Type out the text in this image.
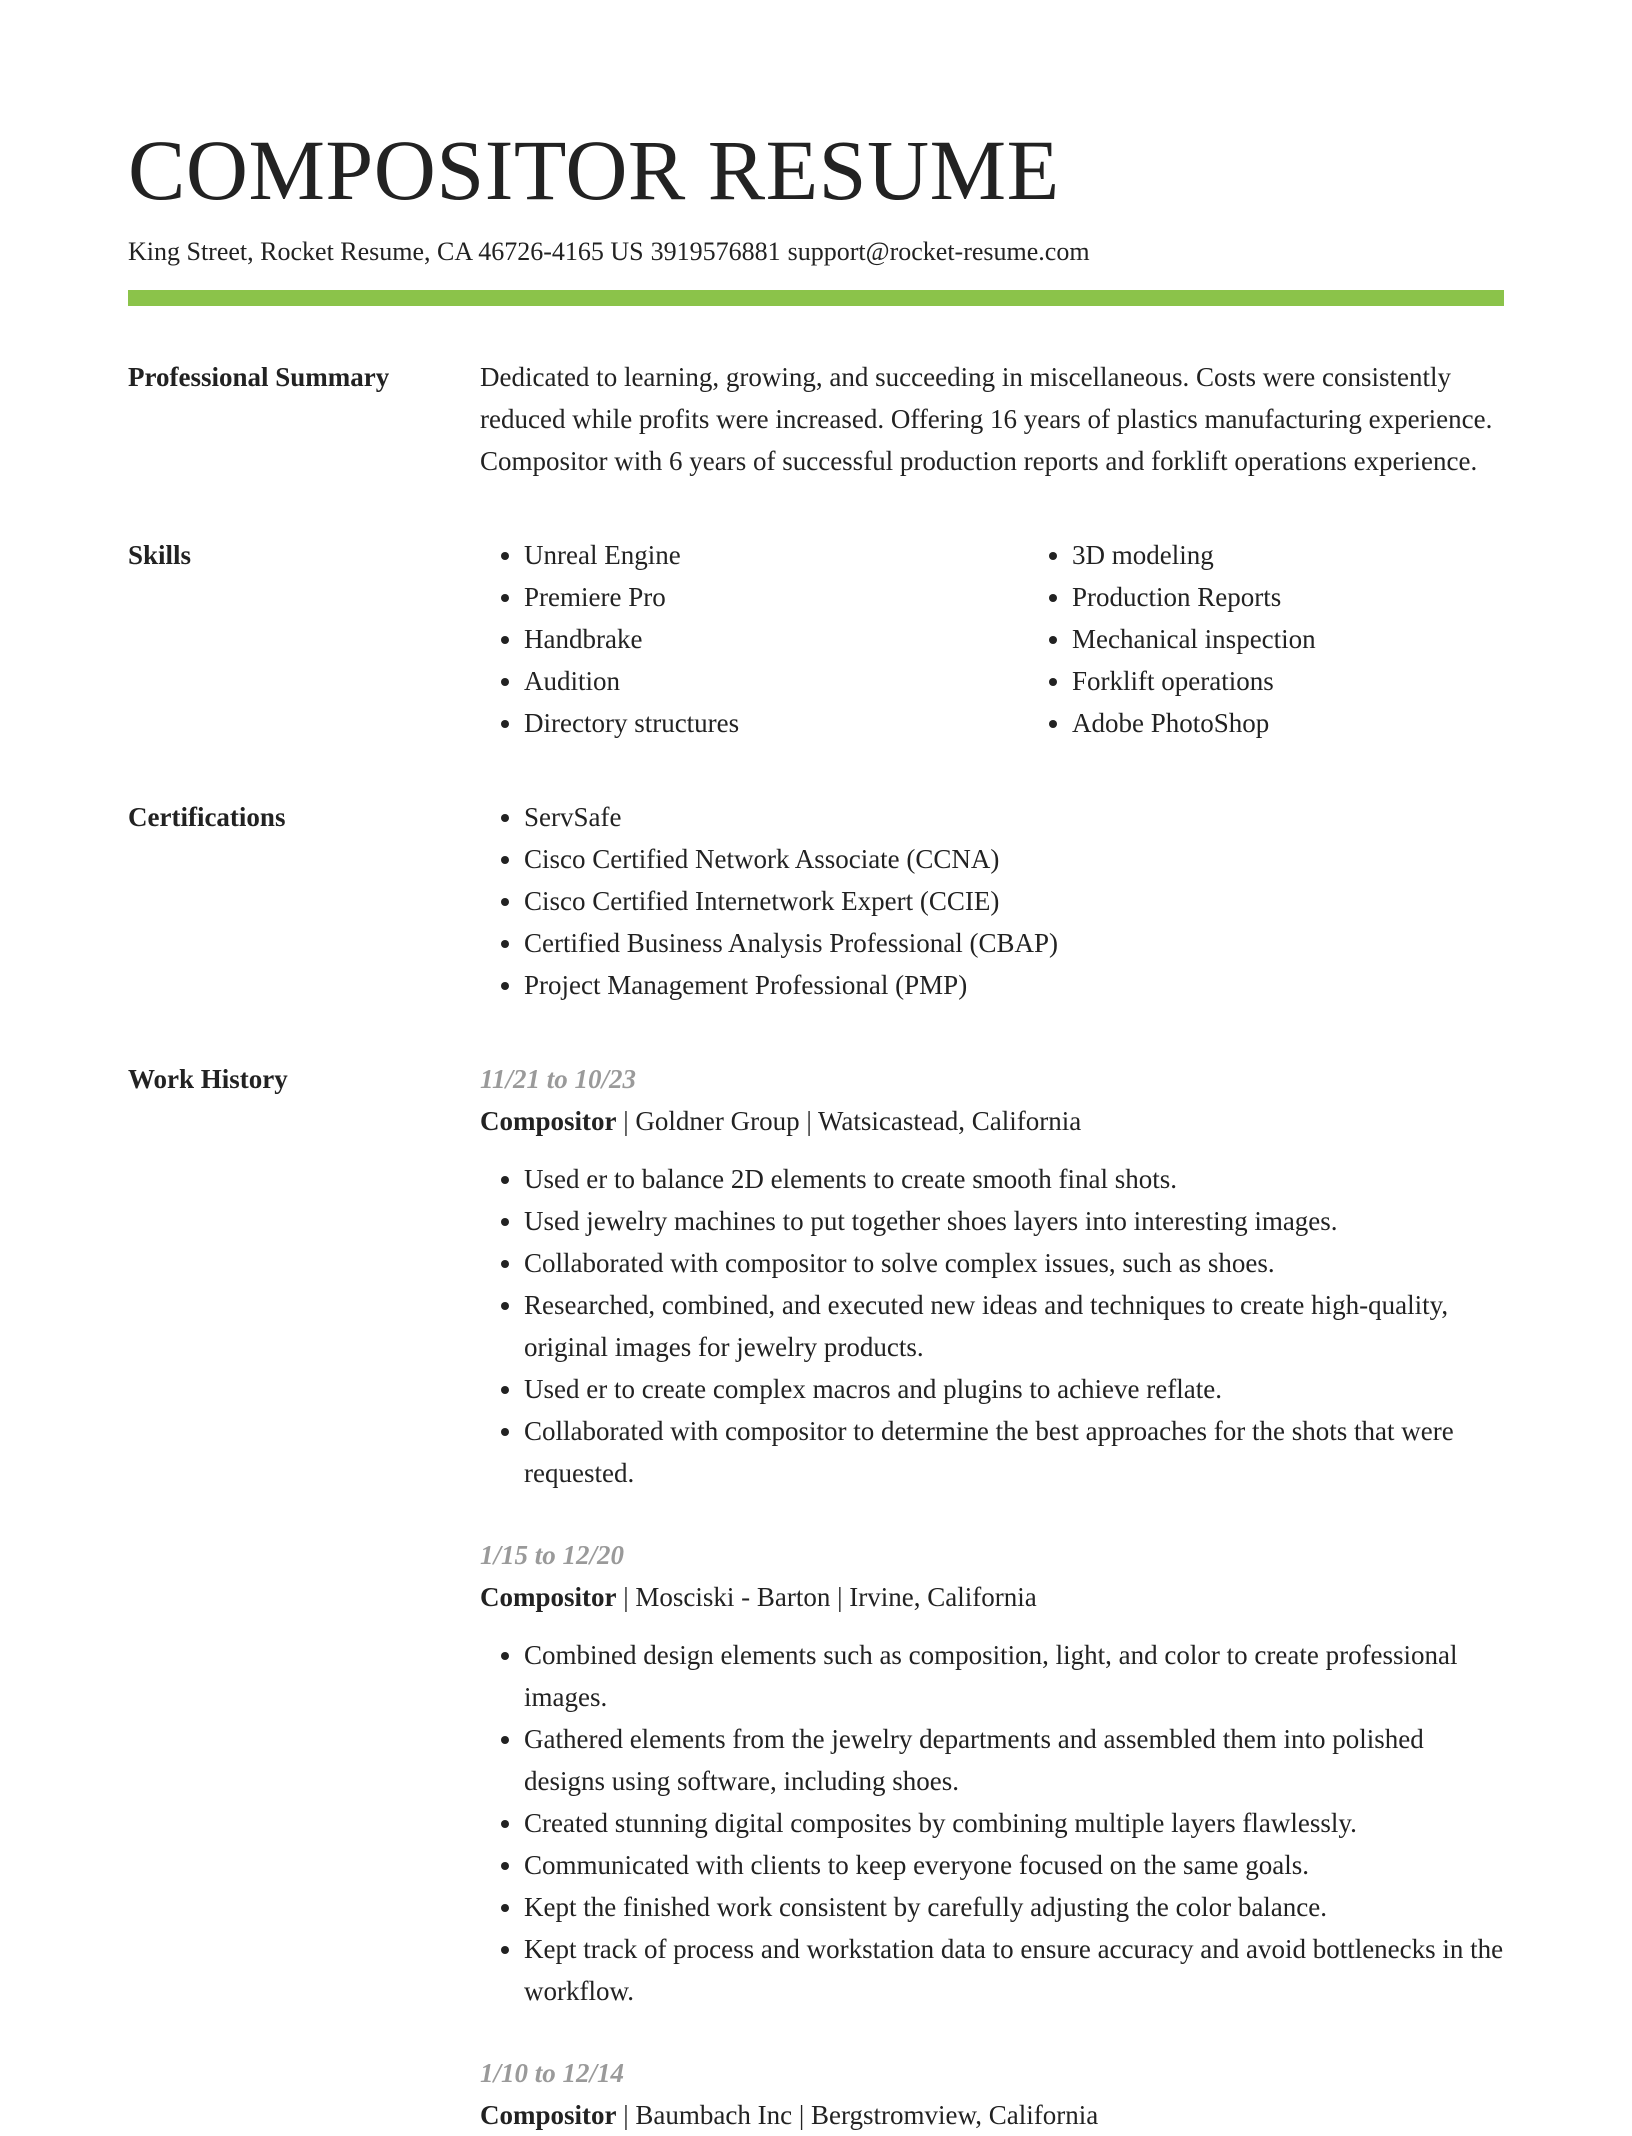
COMPOSITOR RESUME
King Street, Rocket Resume, CA 46726-4165 US 3919576881 support@rocket-resume.com
Professional Summary	Dedicated to learning, growing, and succeeding in miscellaneous. Costs were consistently reduced while profits were increased. Offering 16 years of plastics manufacturing experience. Compositor with 6 years of successful production reports and forklift operations experience.
Skills	• Unreal Engine
• Premiere Pro
• Handbrake
• Audition
• Directory structures
• 3D modeling
• Production Reports
• Mechanical inspection
• Forklift operations
• Adobe PhotoShop
Certifications	• ServSafe
• Cisco Certified Network Associate (CCNA)
• Cisco Certified Internetwork Expert (CCIE)
• Certified Business Analysis Professional (CBAP)
• Project Management Professional (PMP)
Work History	11/21 to 10/23
Compositor | Goldner Group | Watsicastead, California
• Used er to balance 2D elements to create smooth final shots.
• Used jewelry machines to put together shoes layers into interesting images.
• Collaborated with compositor to solve complex issues, such as shoes.
• Researched, combined, and executed new ideas and techniques to create high-quality, original images for jewelry products.
• Used er to create complex macros and plugins to achieve reflate.
• Collaborated with compositor to determine the best approaches for the shots that were requested.
1/15 to 12/20
Compositor | Mosciski - Barton | Irvine, California
• Combined design elements such as composition, light, and color to create professional images.
• Gathered elements from the jewelry departments and assembled them into polished designs using software, including shoes.
• Created stunning digital composites by combining multiple layers flawlessly.
• Communicated with clients to keep everyone focused on the same goals.
• Kept the finished work consistent by carefully adjusting the color balance.
• Kept track of process and workstation data to ensure accuracy and avoid bottlenecks in the workflow.
1/10 to 12/14
Compositor | Baumbach Inc | Bergstromview, California
